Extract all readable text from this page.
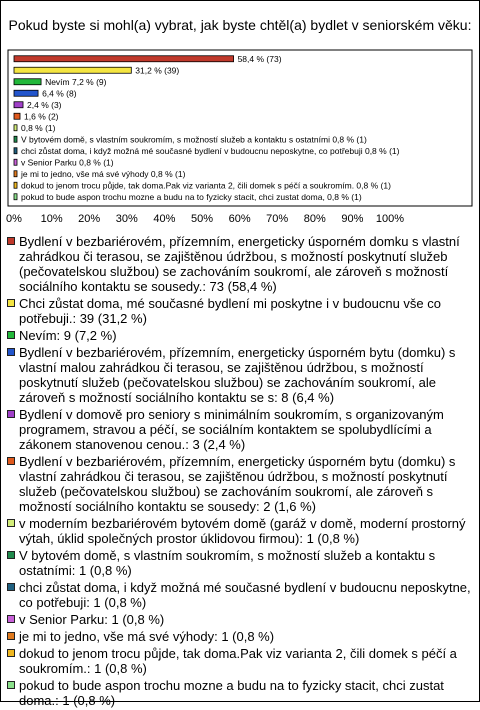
Pokud byste si mohl(a) vybrat, jak byste chtěl(a) bydlet v seniorském věku:
58,4 % (73)
31,2 % (39)
Nevím 7,2 % (9)
6,4 % (8)
2,4 % (3)
1,6 % (2)
0,8 % (1)
V bytovém domě, s vlastním soukromím, s možností služeb a kontaktu s ostatními 0,8 % (1)
chci zůstat doma, i když možná mé současné bydlení v budoucnu neposkytne, co potřebuji 0,8 % (1)
v Senior Parku 0,8 % (1)
je mi to jedno, vše má své výhody 0,8 % (1)
dokud to jenom trocu půjde, tak doma.Pak viz varianta 2, čili domek s péčí a soukromím. 0,8 % (1)
pokud to bude aspon trochu mozne a budu na to fyzicky stacit, chci zustat doma, 0,8 % (1)
0% 10% 20% 30% 40% 50% 60% 70% 80% 90% 100%
Bydlení v bezbariérovém, přízemním, energeticky úsporném domku s vlastní zahrádkou či terasou, se zajištěnou údržbou, s možností poskytnutí služeb (pečovatelskou službou) se zachováním soukromí, ale zároveň s možností sociálního kontaktu se sousedy.: 73 (58,4 %)
Chci zůstat doma, mé současné bydlení mi poskytne i v budoucnu vše co potřebuji.: 39 (31,2 %)
Nevím: 9 (7,2 %)
Bydlení v bezbariérovém, přízemním, energeticky úsporném bytu (domku) s vlastní malou zahrádkou či terasou, se zajištěnou údržbou, s možností poskytnutí služeb (pečovatelskou službou) se zachováním soukromí, ale zároveň s možností sociálního kontaktu se s: 8 (6,4 %)
Bydlení v domově pro seniory s minimálním soukromím, s organizovaným programem, stravou a péčí, se sociálním kontaktem se spolubydlícími a zákonem stanovenou cenou.: 3 (2,4 %)
Bydlení v bezbariérovém, přízemním, energeticky úsporném bytu (domku) s vlastní zahrádkou či terasou, se zajištěnou údržbou, s možností poskytnutí služeb (pečovatelskou službou) se zachováním soukromí, ale zároveň s možností sociálního kontaktu se sousedy: 2 (1,6 %)
v moderním bezbariérovém bytovém domě (garáž v domě, moderní prostorný výtah, úklid společných prostor úklidovou firmou): 1 (0,8 %)
V bytovém domě, s vlastním soukromím, s možností služeb a kontaktu s ostatními: 1 (0,8 %)
chci zůstat doma, i když možná mé současné bydlení v budoucnu neposkytne, co potřebuji: 1 (0,8 %)
v Senior Parku: 1 (0,8 %)
je mi to jedno, vše má své výhody: 1 (0,8 %)
dokud to jenom trocu půjde, tak doma.Pak viz varianta 2, čili domek s péčí a soukromím.: 1 (0,8 %)
pokud to bude aspon trochu mozne a budu na to fyzicky stacit, chci zustat doma.: 1 (0,8 %)
